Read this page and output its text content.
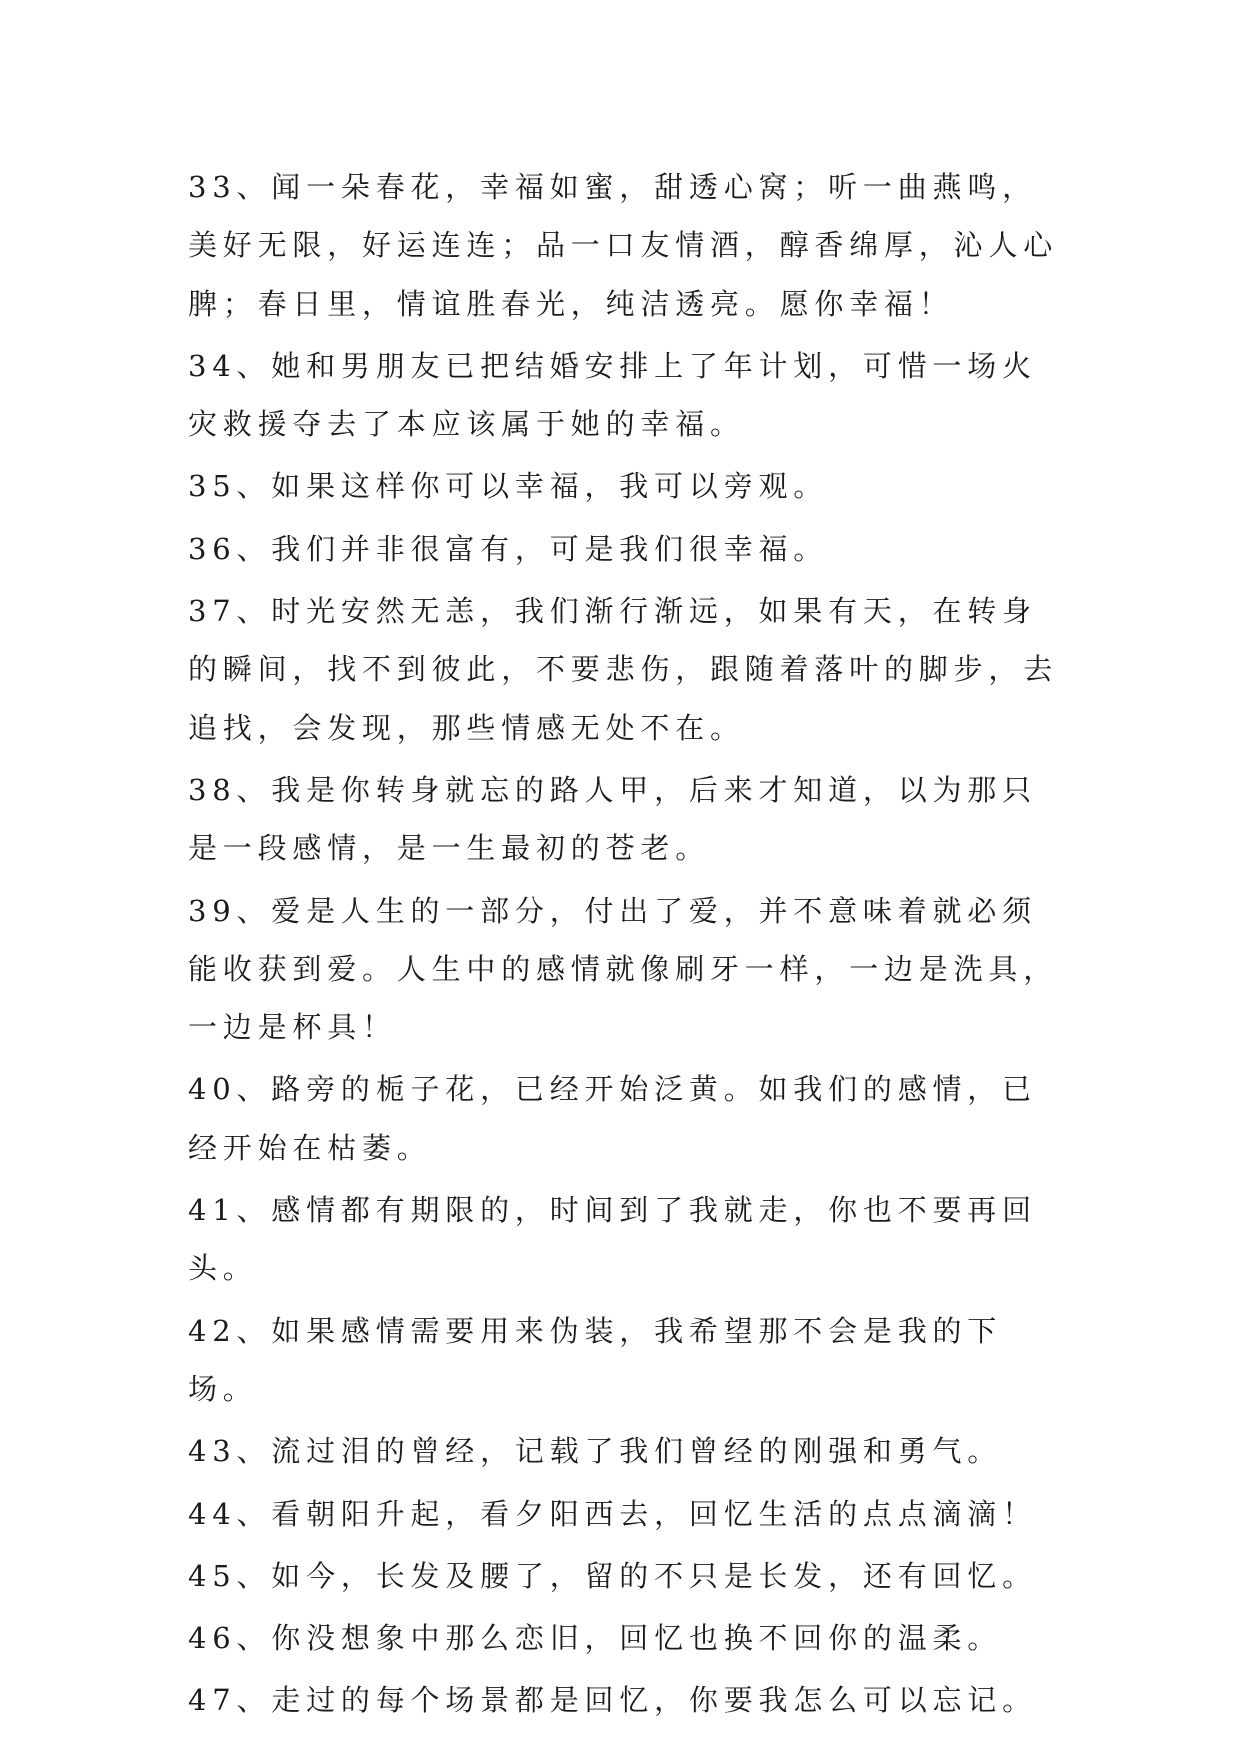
33、闻一朵春花，幸福如蜜，甜透心窝；听一曲燕鸣，美好无限，好运连连；品一口友情酒，醇香绵厚，沁人心脾；春日里，情谊胜春光，纯洁透亮。愿你幸福！

34、她和男朋友已把结婚安排上了年计划，可惜一场火灾救援夺去了本应该属于她的幸福。

35、如果这样你可以幸福，我可以旁观。

36、我们并非很富有，可是我们很幸福。

37、时光安然无恙，我们渐行渐远，如果有天，在转身的瞬间，找不到彼此，不要悲伤，跟随着落叶的脚步，去追找，会发现，那些情感无处不在。

38、我是你转身就忘的路人甲，后来才知道，以为那只是一段感情，是一生最初的苍老。

39、爱是人生的一部分，付出了爱，并不意味着就必须能收获到爱。人生中的感情就像刷牙一样，一边是洗具，一边是杯具！

40、路旁的栀子花，已经开始泛黄。如我们的感情，已经开始在枯萎。

41、感情都有期限的，时间到了我就走，你也不要再回头。

42、如果感情需要用来伪装，我希望那不会是我的下场。

43、流过泪的曾经，记载了我们曾经的刚强和勇气。

44、看朝阳升起，看夕阳西去，回忆生活的点点滴滴！

45、如今，长发及腰了，留的不只是长发，还有回忆。

46、你没想象中那么恋旧，回忆也换不回你的温柔。

47、走过的每个场景都是回忆，你要我怎么可以忘记。
